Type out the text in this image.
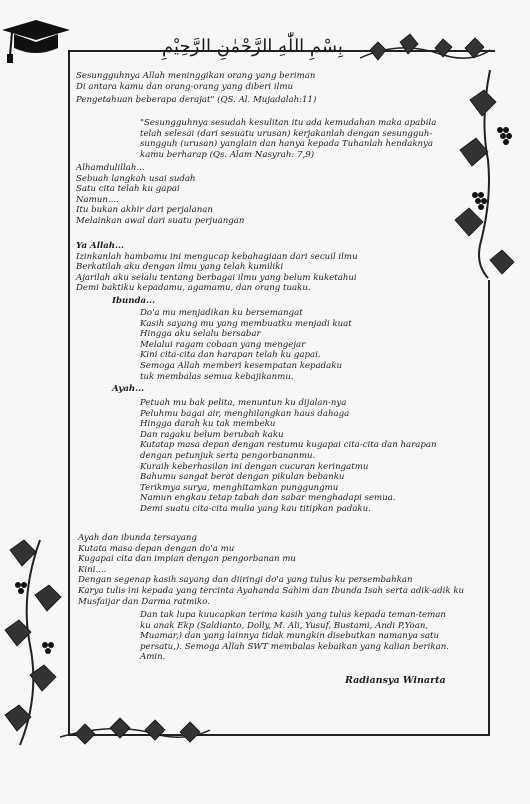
بِسْمِ اللّٰهِ الرَّحْمٰنِ الرَّحِيْمِ
Sesungguhnya Allah meninggikan orang yang beriman
Di antara kamu dan orang-orang yang diberi ilmu
Pengetahuan beberapa derajat" (QS. Al. Mujadalah:11)
"Sesungguhnya sesudah kesulitan itu ada kemudahan maka apabila
telah selesai (dari sesuatu urusan) kerjakanlah dengan sesungguh-
sungguh (urusan) yanglain dan hanya kepada Tuhanlah hendaknya
kamu berharap (Qs. Alam Nasyrah: 7,9)
Alhamdulillah...
Sebuah langkah usai sudah
Satu cita telah ku gapai
Namun....
Itu bukan akhir dari perjalanan
Melainkan awal dari suatu perjuangan
Ya Allah...
Izinkanlah hambamu ini mengucap kebahagiaan dari secuil ilmu
Berkatilah aku dengan ilmu yang telah kumiliki
Ajarilah aku selalu tentang berbagai ilmu yang belum kuketahui
Demi baktiku kepadamu, agamamu, dan orang tuaku.
Ibunda...
Do'a mu menjadikan ku bersemangat
Kasih sayang mu yang membuatku menjadi kuat
Hingga aku selalu bersabar
Melalui ragam cobaan yang mengejar
Kini cita-cita dan harapan telah ku gapai.
Semoga Allah memberi kesempatan kepadaku
tuk membalas semua kebajikanmu.
Ayah...
Petuah mu bak pelita, menuntun ku dijalan-nya
Peluhmu bagai air, menghilangkan haus dahaga
Hingga darah ku tak membeku
Dan ragaku belum berubah kaku
Kutatap masa depan dengan restumu kugapai cita-cita dan harapan
dengan petunjuk serta pengorbananmu.
Kuraih keberhasilan ini dengan cucuran keringatmu
Bahumu sangat berat dengan pikulan bebanku
Terikmya surya, menghitamkan punggungmu
Namun engkau tetap tabah dan sabar menghadapi semua.
Demi suatu cita-cita mulia yang kau titipkan padaku.
Ayah dan ibunda tersayang
Kutata masa depan dengan do'a mu
Kugapai cita dan impian dengan pengorbanan mu
Kini....
Dengan segenap kasih sayang dan diiringi do'a yang tulus ku persembahkan
Karya tulis ini kepada yang tercinta Ayahanda Sahim dan Ibunda Isah serta adik-adik ku
Musfaijar dan Darma ratmiko.
Dan tak lupa kuucapkan terima kasih yang tulus kepada teman-teman
ku anak Ekp (Saldianto, Dolly, M. Ali, Yusuf, Bustami, Andi P,Yoan,
Muamar,) dan yang lainnya tidak mungkin disebutkan namanya satu
persatu,). Semoga Allah SWT membalas kebaikan yang kalian berikan.
Amin.
Radiansya Winarta
